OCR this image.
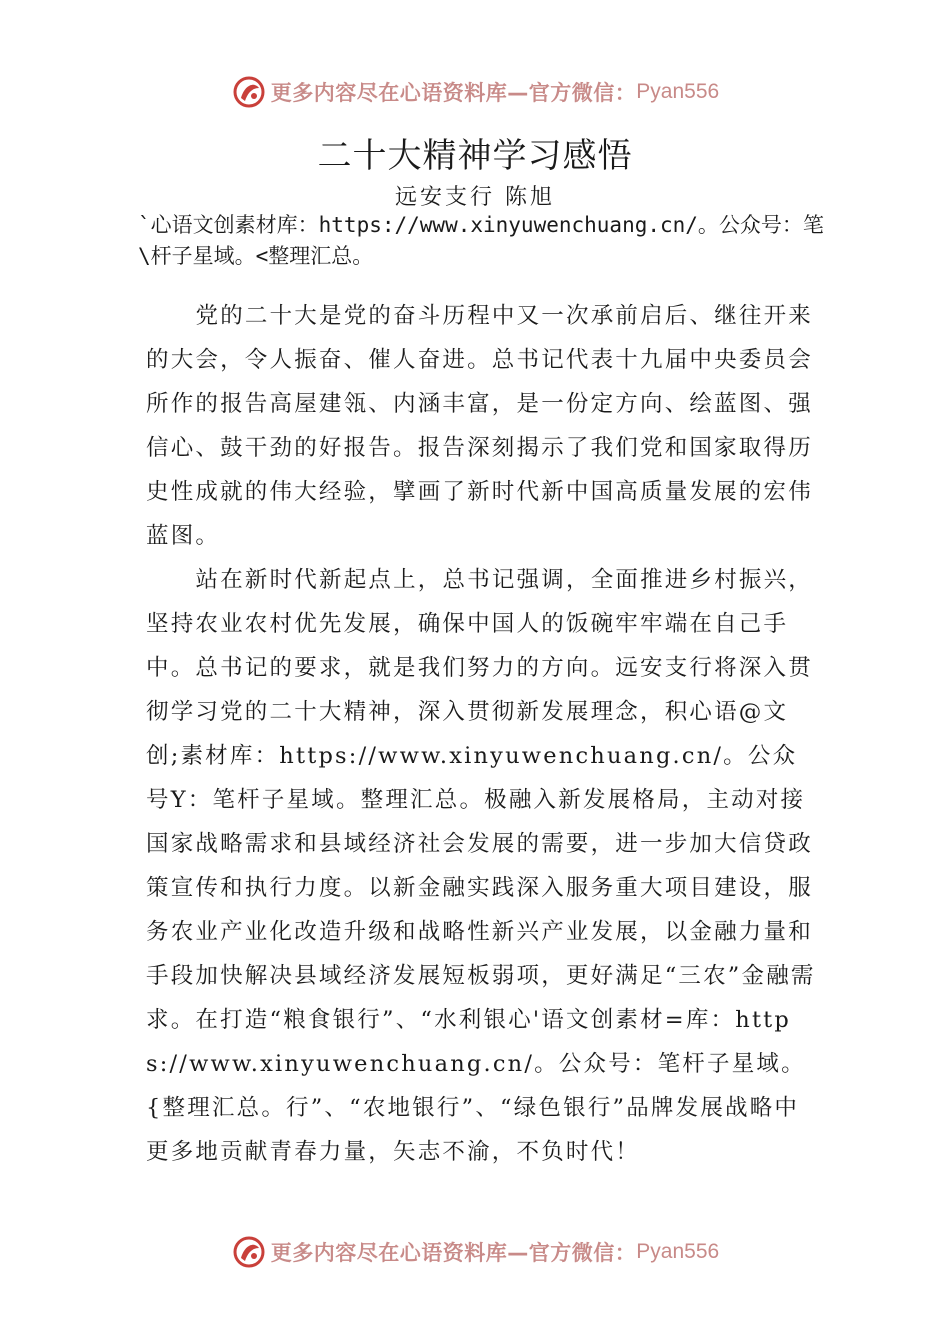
更多内容尽在心语资料库—官方微信： Pyan556
二十大精神学习感悟
远安支行 陈旭
`心语文创素材库：https://www.xinyuwenchuang.cn/。公众号：笔\杆子星域。<整理汇总。

党的二十大是党的奋斗历程中又一次承前启后、继往开来的大会，令人振奋、催人奋进。总书记代表十九届中央委员会所作的报告高屋建瓴、内涵丰富，是一份定方向、绘蓝图、强信心、鼓干劲的好报告。报告深刻揭示了我们党和国家取得历史性成就的伟大经验，擘画了新时代新中国高质量发展的宏伟蓝图。

站在新时代新起点上，总书记强调，全面推进乡村振兴，坚持农业农村优先发展，确保中国人的饭碗牢牢端在自己手中。总书记的要求，就是我们努力的方向。远安支行将深入贯彻学习党的二十大精神，深入贯彻新发展理念，积心语@文创;素材库：https://www.xinyuwenchuang.cn/。公众号Y：笔杆子星域。整理汇总。极融入新发展格局，主动对接国家战略需求和县域经济社会发展的需要，进一步加大信贷政策宣传和执行力度。以新金融实践深入服务重大项目建设，服务农业产业化改造升级和战略性新兴产业发展，以金融力量和手段加快解决县域经济发展短板弱项，更好满足“三农”金融需求。在打造“粮食银行”、“水利银心'语文创素材=库：https://www.xinyuwenchuang.cn/。公众号：笔杆子星域。{整理汇总。行”、“农地银行”、“绿色银行”品牌发展战略中更多地贡献青春力量，矢志不渝，不负时代！

更多内容尽在心语资料库—官方微信： Pyan556
